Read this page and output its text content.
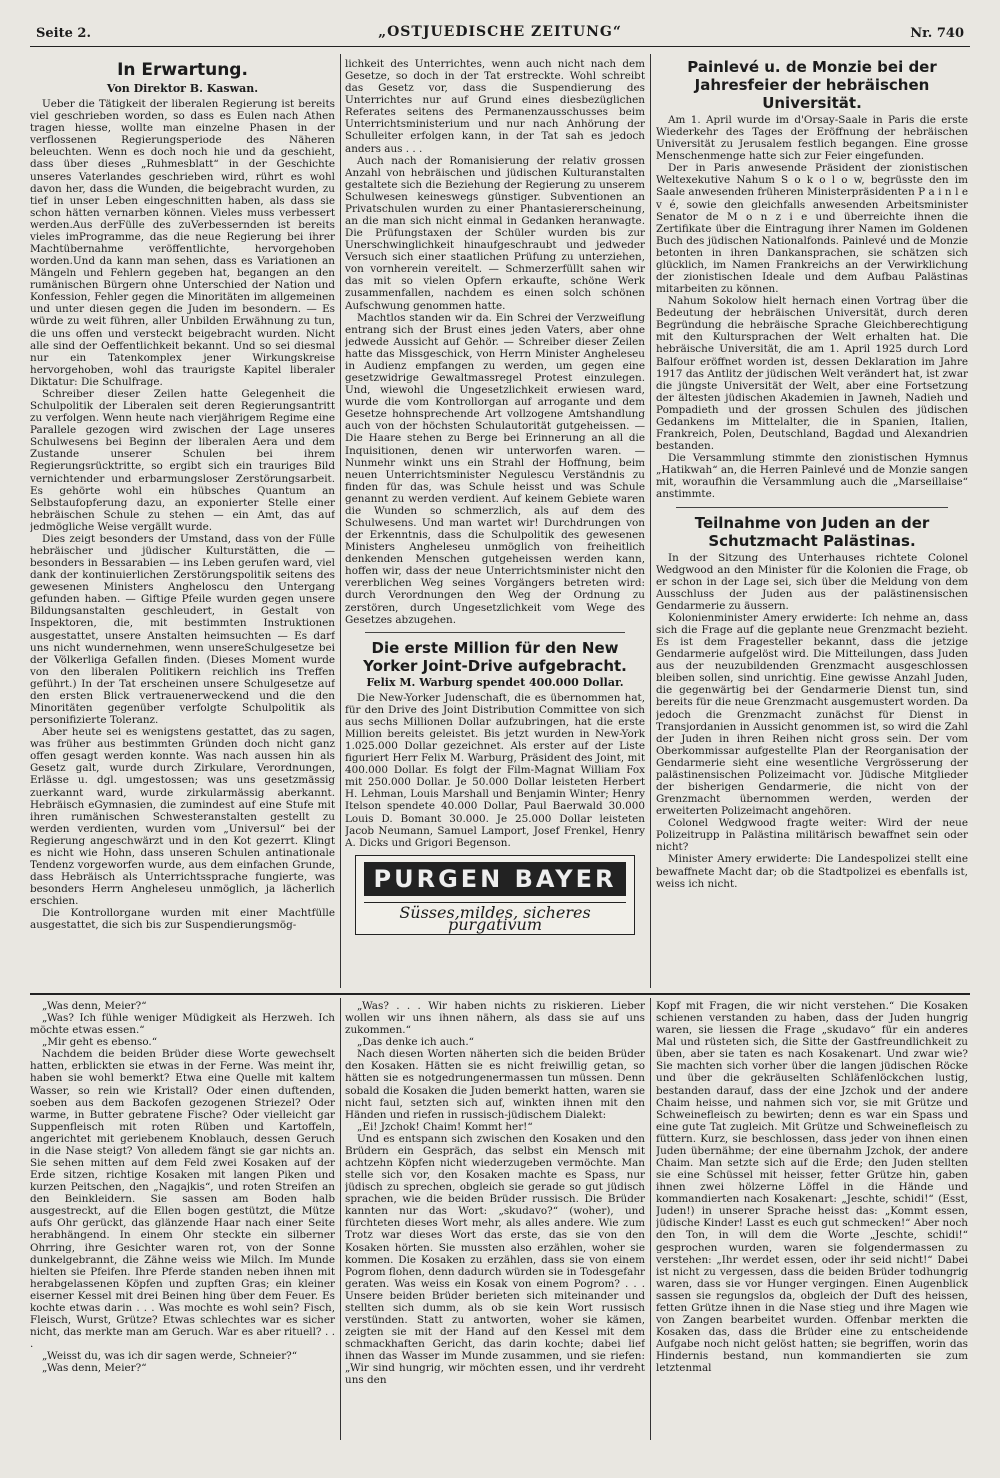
Seite 2.	„OSTJUEDISCHE ZEITUNG“	Nr. 740
In Erwartung.
Von Direktor B. Kaswan.

Ueber die Tätigkeit der liberalen Regierung ist bereits viel geschrieben worden, so dass es Eulen nach Athen tragen hiesse, wollte man einzelne Phasen in der verflossenen Regierungsperiode des Näheren beleuchten. Wenn es doch noch hie und da geschieht, dass über dieses „Ruhmesblatt“ in der Geschichte unseres Vaterlandes geschrieben wird, rührt es wohl davon her, dass die Wunden, die beigebracht wurden, zu tief in unser Leben eingeschnitten haben, als dass sie schon hätten vernarben können. Vieles muss verbessert werden.Aus derFülle des zuVerbessernden ist bereits vieles imProgramme, das die neue Regierung bei ihrer Machtübernahme veröffentlichte, hervorgehoben worden.Und da kann man sehen, dass es Variationen an Mängeln und Fehlern gegeben hat, begangen an den rumänischen Bürgern ohne Unterschied der Nation und Konfession, Fehler gegen die Minoritäten im allgemeinen und unter diesen gegen die Juden im besondern. — Es würde zu weit führen, aller Unbilden Erwähnung zu tun, die uns offen und versteckt beigebracht wurden. Nicht alle sind der Oeffentlichkeit bekannt. Und so sei diesmal nur ein Tatenkomplex jener Wirkungskreise hervorgehoben, wohl das traurigste Kapitel liberaler Diktatur: Die Schulfrage.

Schreiber dieser Zeilen hatte Gelegenheit die Schulpolitik der Liberalen seit deren Regierungsantritt zu verfolgen. Wenn heute nach vierjährigem Regime eine Parallele gezogen wird zwischen der Lage unseres Schulwesens bei Beginn der liberalen Aera und dem Zustande unserer Schulen bei ihrem Regierungsrücktritte, so ergibt sich ein trauriges Bild vernichtender und erbarmungsloser Zerstörungsarbeit. Es gehörte wohl ein hübsches Quantum an Selbstaufopferung dazu, an exponierter Stelle einer hebräischen Schule zu stehen — ein Amt, das auf jedmögliche Weise vergällt wurde.

Dies zeigt besonders der Umstand, dass von der Fülle hebräischer und jüdischer Kulturstätten, die — besonders in Bessarabien — ins Leben gerufen ward, viel dank der kontinuierlichen Zerstörungspolitik seitens des gewesenen Ministers Angheloscu den Untergang gefunden haben. — Giftige Pfeile wurden gegen unsere Bildungsanstalten geschleudert, in Gestalt von Inspektoren, die, mit bestimmten Instruktionen ausgestattet, unsere Anstalten heimsuchten — Es darf uns nicht wundernehmen, wenn unsereSchulgesetze bei der Völkerliga Gefallen finden. (Dieses Moment wurde von den liberalen Politikern reichlich ins Treffen geführt.) In der Tat erscheinen unsere Schulgesetze auf den ersten Blick vertrauenerweckend und die den Minoritäten gegenüber verfolgte Schulpolitik als personifizierte Toleranz.

Aber heute sei es wenigstens gestattet, das zu sagen, was früher aus bestimmten Gründen doch nicht ganz offen gesagt werden konnte. Was nach aussen hin als Gesetz galt, wurde durch Zirkulare, Verordnungen, Erlässe u. dgl. umgestossen; was uns gesetzmässig zuerkannt ward, wurde zirkularmässig aberkannt. Hebräisch eGymnasien, die zumindest auf eine Stufe mit ihren rumänischen Schwesteranstalten gestellt zu werden verdienten, wurden vom „Universul“ bei der Regierung angeschwärzt und in den Kot gezerrt. Klingt es nicht wie Hohn, dass unseren Schulen antinationale Tendenz vorgeworfen wurde, aus dem einfachen Grunde, dass Hebräisch als Unterrichtssprache fungierte, was besonders Herrn Angheleseu unmöglich, ja lächerlich erschien.

Die Kontrollorgane wurden mit einer Machtfülle ausgestattet, die sich bis zur Suspendierungsmög-

lichkeit des Unterrichtes, wenn auch nicht nach dem Gesetze, so doch in der Tat erstreckte. Wohl schreibt das Gesetz vor, dass die Suspendierung des Unterrichtes nur auf Grund eines diesbezüglichen Referates seitens des Permanenzausschusses beim Unterrichtsministerium und nur nach Anhörung der Schulleiter erfolgen kann, in der Tat sah es jedoch anders aus . . .

Auch nach der Romanisierung der relativ grossen Anzahl von hebräischen und jüdischen Kulturanstalten gestaltete sich die Beziehung der Regierung zu unserem Schulwesen keineswegs günstiger. Subventionen an Privatschulen wurden zu einer Phantasiererscheinung, an die man sich nicht einmal in Gedanken heranwagte. Die Prüfungstaxen der Schüler wurden bis zur Unerschwinglichkeit hinaufgeschraubt und jedweder Versuch sich einer staatlichen Prüfung zu unterziehen, von vornherein vereitelt. — Schmerzerfüllt sahen wir das mit so vielen Opfern erkaufte, schöne Werk zusammenfallen, nachdem es einen solch schönen Aufschwung genommen hatte.

Machtlos standen wir da. Ein Schrei der Verzweiflung entrang sich der Brust eines jeden Vaters, aber ohne jedwede Aussicht auf Gehör. — Schreiber dieser Zeilen hatte das Missgeschick, von Herrn Minister Angheleseu in Audienz empfangen zu werden, um gegen eine gesetzwidrige Gewaltmassregel Protest einzulegen. Und, wiewohl die Ungesetzlichkeit erwiesen ward, wurde die vom Kontrollorgan auf arrogante und dem Gesetze hohnsprechende Art vollzogene Amtshandlung auch von der höchsten Schulautorität gutgeheissen. — Die Haare stehen zu Berge bei Erinnerung an all die Inquisitionen, denen wir unterworfen waren. — Nunmehr winkt uns ein Strahl der Hoffnung, beim neuen Unterrichtsminister Negulescu Verständnis zu finden für das, was Schule heisst und was Schule genannt zu werden verdient. Auf keinem Gebiete waren die Wunden so schmerzlich, als auf dem des Schulwesens. Und man wartet wir! Durchdrungen von der Erkenntnis, dass die Schulpolitik des gewesenen Ministers Angheleseu unmöglich von freiheitlich denkenden Menschen gutgeheissen werden kann, hoffen wir, dass der neue Unterrichtsminister nicht den vererblichen Weg seines Vorgängers betreten wird: durch Verordnungen den Weg der Ordnung zu zerstören, durch Ungesetzlichkeit vom Wege des Gesetzes abzugehen.

Die erste Million für den New Yorker Joint-Drive aufgebracht.
Felix M. Warburg spendet 400.000 Dollar.

Die New-Yorker Judenschaft, die es übernommen hat, für den Drive des Joint Distribution Committee von sich aus sechs Millionen Dollar aufzubringen, hat die erste Million bereits geleistet. Bis jetzt wurden in New-York 1.025.000 Dollar gezeichnet. Als erster auf der Liste figuriert Herr Felix M. Warburg, Präsident des Joint, mit 400.000 Dollar. Es folgt der Film-Magnat William Fox mit 250.000 Dollar. Je 50.000 Dollar leisteten Herbert H. Lehman, Louis Marshall und Benjamin Winter; Henry Itelson spendete 40.000 Dollar, Paul Baerwald 30.000 Louis D. Bomant 30.000. Je 25.000 Dollar leisteten Jacob Neumann, Samuel Lamport, Josef Frenkel, Henry A. Dicks und Grigori Begenson.

PURGEN BAYER
Süsses,mildes, sicheres purgativum
Painlevé u. de Monzie bei der Jahresfeier der hebräischen Universität.

Am 1. April wurde im d'Orsay-Saale in Paris die erste Wiederkehr des Tages der Eröffnung der hebräischen Universität zu Jerusalem festlich begangen. Eine grosse Menschenmenge hatte sich zur Feier eingefunden.

Der in Paris anwesende Präsident der zionistischen Weltexekutive Nahum S o k o l o w, begrüsste den im Saale anwesenden früheren Ministerpräsidenten P a i n l e v é, sowie den gleichfalls anwesenden Arbeitsminister Senator de M o n z i e und überreichte ihnen die Zertifikate über die Eintragung ihrer Namen im Goldenen Buch des jüdischen Nationalfonds. Painlevé und de Monzie betonten in ihren Dankansprachen, sie schätzen sich glücklich, im Namen Frankreichs an der Verwirklichung der zionistischen Ideale und dem Aufbau Palästinas mitarbeiten zu können.

Nahum Sokolow hielt hernach einen Vortrag über die Bedeutung der hebräischen Universität, durch deren Begründung die hebräische Sprache Gleichberechtigung mit den Kultursprachen der Welt erhalten hat. Die hebräische Universität, die am 1. April 1925 durch Lord Balfour eröffnet worden ist, dessen Deklaration im Jahre 1917 das Antlitz der jüdischen Welt verändert hat, ist zwar die jüngste Universität der Welt, aber eine Fortsetzung der ältesten jüdischen Akademien in Jawneh, Nadieh und Pompadieth und der grossen Schulen des jüdischen Gedankens im Mittelalter, die in Spanien, Italien, Frankreich, Polen, Deutschland, Bagdad und Alexandrien bestanden.

Die Versammlung stimmte den zionistischen Hymnus „Hatikwah“ an, die Herren Painlevé und de Monzie sangen mit, woraufhin die Versammlung auch die „Marseillaise“ anstimmte.

Teilnahme von Juden an der Schutzmacht Palästinas.

In der Sitzung des Unterhauses richtete Colonel Wedgwood an den Minister für die Kolonien die Frage, ob er schon in der Lage sei, sich über die Meldung von dem Ausschluss der Juden aus der palästinensischen Gendarmerie zu äussern.

Kolonienminister Amery erwiderte: Ich nehme an, dass sich die Frage auf die geplante neue Grenzmacht bezieht. Es ist dem Fragesteller bekannt, dass die jetzige Gendarmerie aufgelöst wird. Die Mitteilungen, dass Juden aus der neuzubildenden Grenzmacht ausgeschlossen bleiben sollen, sind unrichtig. Eine gewisse Anzahl Juden, die gegenwärtig bei der Gendarmerie Dienst tun, sind bereits für die neue Grenzmacht ausgemustert worden. Da jedoch die Grenzmacht zunächst für Dienst in Transjordanien in Aussicht genommen ist, so wird die Zahl der Juden in ihren Reihen nicht gross sein. Der vom Oberkommissar aufgestellte Plan der Reorganisation der Gendarmerie sieht eine wesentliche Vergrösserung der palästinensischen Polizeimacht vor. Jüdische Mitglieder der bisherigen Gendarmerie, die nicht von der Grenzmacht übernommen werden, werden der erweiterten Polizeimacht angehören.

Colonel Wedgwood fragte weiter: Wird der neue Polizeitrupp in Palästina militärisch bewaffnet sein oder nicht?

Minister Amery erwiderte: Die Landespolizei stellt eine bewaffnete Macht dar; ob die Stadtpolizei es ebenfalls ist, weiss ich nicht.

„Was denn, Meier?“

„Was? Ich fühle weniger Müdigkeit als Herzweh. Ich möchte etwas essen.“

„Mir geht es ebenso.“

Nachdem die beiden Brüder diese Worte gewechselt hatten, erblickten sie etwas in der Ferne. Was meint ihr, haben sie wohl bemerkt? Etwa eine Quelle mit kaltem Wasser, so rein wie Kristall? Oder einen duftenden, soeben aus dem Backofen gezogenen Striezel? Oder warme, in Butter gebratene Fische? Oder vielleicht gar Suppenfleisch mit roten Rüben und Kartoffeln, angerichtet mit geriebenem Knoblauch, dessen Geruch in die Nase steigt? Von alledem fängt sie gar nichts an. Sie sehen mitten auf dem Feld zwei Kosaken auf der Erde sitzen, richtige Kosaken mit langen Piken und kurzen Peitschen, den „Nagajkis“, und roten Streifen an den Beinkleidern. Sie sassen am Boden halb ausgestreckt, auf die Ellen bogen gestützt, die Mütze aufs Ohr gerückt, das glänzende Haar nach einer Seite herabhängend. In einem Ohr steckte ein silberner Ohrring, ihre Gesichter waren rot, von der Sonne dunkelgebrannt, die Zähne weiss wie Milch. Im Munde hielten sie Pfeifen. Ihre Pferde standen neben ihnen mit herabgelassenen Köpfen und zupften Gras; ein kleiner eiserner Kessel mit drei Beinen hing über dem Feuer. Es kochte etwas darin . . . Was mochte es wohl sein? Fisch, Fleisch, Wurst, Grütze? Etwas schlechtes war es sicher nicht, das merkte man am Geruch. War es aber rituell? . . .

„Weisst du, was ich dir sagen werde, Schneier?“

„Was denn, Meier?“

„Was? . . . Wir haben nichts zu riskieren. Lieber wollen wir uns ihnen nähern, als dass sie auf uns zukommen.“

„Das denke ich auch.“

Nach diesen Worten näherten sich die beiden Brüder den Kosaken. Hätten sie es nicht freiwillig getan, so hätten sie es notgedrungenermassen tun müssen. Denn sobald die Kosaken die Juden bemerkt hatten, waren sie nicht faul, setzten sich auf, winkten ihnen mit den Händen und riefen in russisch-jüdischem Dialekt:

„Ei! Jzchok! Chaim! Kommt her!“

Und es entspann sich zwischen den Kosaken und den Brüdern ein Gespräch, das selbst ein Mensch mit achtzehn Köpfen nicht wiederzugeben vermöchte. Man stelle sich vor, den Kosaken machte es Spass, nur jüdisch zu sprechen, obgleich sie gerade so gut jüdisch sprachen, wie die beiden Brüder russisch. Die Brüder kannten nur das Wort: „skudavo?“ (woher), und fürchteten dieses Wort mehr, als alles andere. Wie zum Trotz war dieses Wort das erste, das sie von den Kosaken hörten. Sie mussten also erzählen, woher sie kommen. Die Kosaken zu erzählen, dass sie von einem Pogrom flohen, denn dadurch würden sie in Todesgefahr geraten. Was weiss ein Kosak von einem Pogrom? . . . Unsere beiden Brüder berieten sich miteinander und stellten sich dumm, als ob sie kein Wort russisch verstünden. Statt zu antworten, woher sie kämen, zeigten sie mit der Hand auf den Kessel mit dem schmackhaften Gericht, das darin kochte; dabei lief ihnen das Wasser im Munde zusammen, und sie riefen: „Wir sind hungrig, wir möchten essen, und ihr verdreht uns den

Kopf mit Fragen, die wir nicht verstehen.“ Die Kosaken schienen verstanden zu haben, dass der Juden hungrig waren, sie liessen die Frage „skudavo“ für ein anderes Mal und rüsteten sich, die Sitte der Gastfreundlichkeit zu üben, aber sie taten es nach Kosakenart. Und zwar wie? Sie machten sich vorher über die langen jüdischen Röcke und über die gekräuselten Schläfenlöckchen lustig, bestanden darauf, dass der eine Jzchok und der andere Chaim heisse, und nahmen sich vor, sie mit Grütze und Schweinefleisch zu bewirten; denn es war ein Spass und eine gute Tat zugleich. Mit Grütze und Schweinefleisch zu füttern. Kurz, sie beschlossen, dass jeder von ihnen einen Juden übernähme; der eine übernahm Jzchok, der andere Chaim. Man setzte sich auf die Erde; den Juden stellten sie eine Schüssel mit heisser, fetter Grütze hin, gaben ihnen zwei hölzerne Löffel in die Hände und kommandierten nach Kosakenart: „Jeschte, schidi!“ (Esst, Juden!) in unserer Sprache heisst das: „Kommt essen, jüdische Kinder! Lasst es euch gut schmecken!“ Aber noch den Ton, in will dem die Worte „Jeschte, schidi!“ gesprochen wurden, waren sie folgendermassen zu verstehen: „Ihr werdet essen, oder ihr seid nicht!“ Dabei ist nicht zu vergessen, dass die beiden Brüder todhungrig waren, dass sie vor Hunger vergingen. Einen Augenblick sassen sie regungslos da, obgleich der Duft des heissen, fetten Grütze ihnen in die Nase stieg und ihre Magen wie von Zangen bearbeitet wurden. Offenbar merkten die Kosaken das, dass die Brüder eine zu entscheidende Aufgabe noch nicht gelöst hatten; sie begriffen, worin das Hindernis bestand, nun kommandierten sie zum letztenmal
